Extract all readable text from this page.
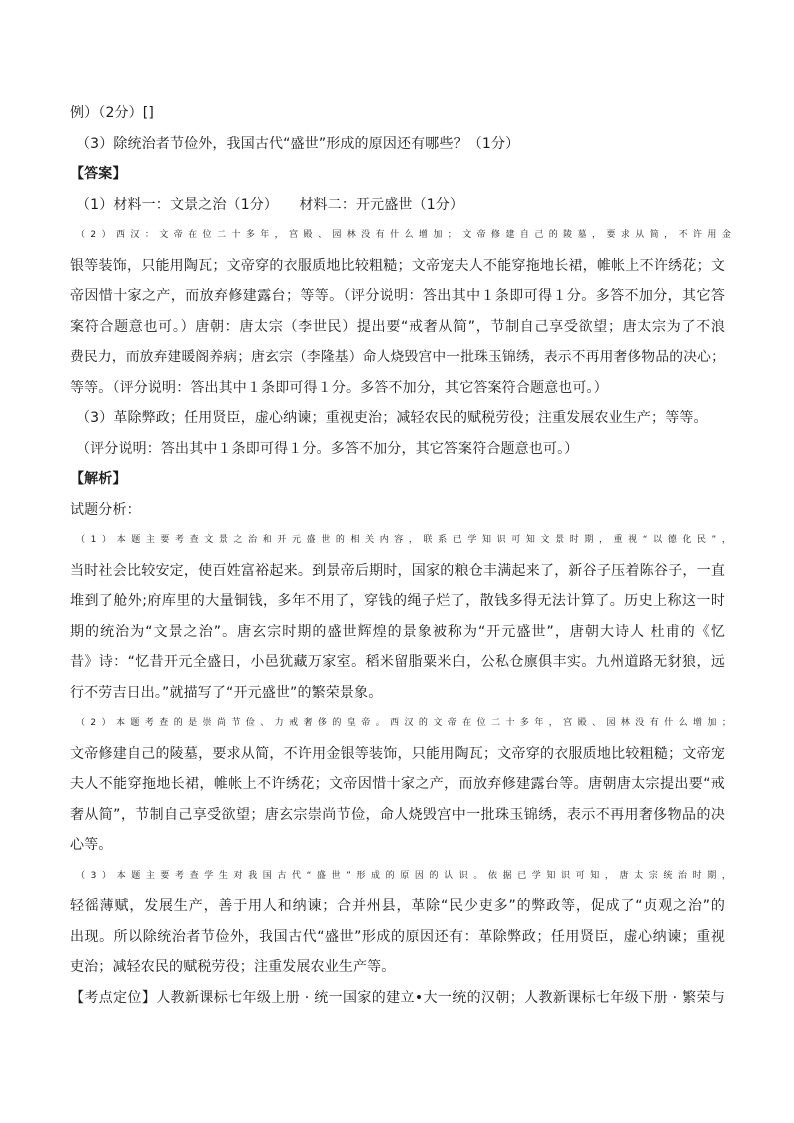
例）（2分）[]
（3）除统治者节俭外，我国古代“盛世”形成的原因还有哪些？（1分）
【答案】
（1）材料一：文景之治（1分）　　材料二：开元盛世（1分）
（2）西汉：文帝在位二十多年，宫殿、园林没有什么增加；文帝修建自己的陵墓，要求从简，不许用金
银等装饰，只能用陶瓦；文帝穿的衣服质地比较粗糙；文帝宠夫人不能穿拖地长裙，帷帐上不许绣花；文
帝因惜十家之产，而放弃修建露台；等等。（评分说明：答出其中１条即可得１分。多答不加分，其它答
案符合题意也可。）唐朝：唐太宗（李世民）提出要“戒奢从简”，节制自己享受欲望；唐太宗为了不浪
费民力，而放弃建暖阁养病；唐玄宗（李隆基）命人烧毁宫中一批珠玉锦绣，表示不再用奢侈物品的决心；
等等。（评分说明：答出其中１条即可得１分。多答不加分，其它答案符合题意也可。）
（3）革除弊政；任用贤臣，虚心纳谏；重视吏治；减轻农民的赋税劳役；注重发展农业生产；等等。
（评分说明：答出其中１条即可得１分。多答不加分，其它答案符合题意也可。）
【解析】
试题分析：
（1）本题主要考查文景之治和开元盛世的相关内容，联系已学知识可知文景时期，重视“以德化民”，
当时社会比较安定，使百姓富裕起来。到景帝后期时，国家的粮仓丰满起来了，新谷子压着陈谷子，一直
堆到了舱外;府库里的大量铜钱，多年不用了，穿钱的绳子烂了，散钱多得无法计算了。历史上称这一时
期的统治为“文景之治”。唐玄宗时期的盛世辉煌的景象被称为“开元盛世”，唐朝大诗人 杜甫的《忆
昔》诗：“忆昔开元全盛日，小邑犹藏万家室。稻米留脂粟米白，公私仓廪俱丰实。九州道路无豺狼，远
行不劳吉日出。”就描写了“开元盛世”的繁荣景象。
（2）本题考查的是崇尚节俭、力戒奢侈的皇帝。西汉的文帝在位二十多年，宫殿、园林没有什么增加；
文帝修建自己的陵墓，要求从简，不许用金银等装饰，只能用陶瓦；文帝穿的衣服质地比较粗糙；文帝宠
夫人不能穿拖地长裙，帷帐上不许绣花；文帝因惜十家之产，而放弃修建露台等。唐朝唐太宗提出要“戒
奢从简”，节制自己享受欲望；唐玄宗崇尚节俭，命人烧毁宫中一批珠玉锦绣，表示不再用奢侈物品的决
心等。
（3）本题主要考查学生对我国古代“盛世”形成的原因的认识。依据已学知识可知，唐太宗统治时期，
轻徭薄赋，发展生产，善于用人和纳谏；合并州县，革除“民少吏多”的弊政等，促成了“贞观之治”的
出现。所以除统治者节俭外，我国古代“盛世”形成的原因还有：革除弊政；任用贤臣，虚心纳谏；重视
吏治；减轻农民的赋税劳役；注重发展农业生产等。
【考点定位】人教新课标七年级上册 · 统一国家的建立•大一统的汉朝；人教新课标七年级下册 · 繁荣与
